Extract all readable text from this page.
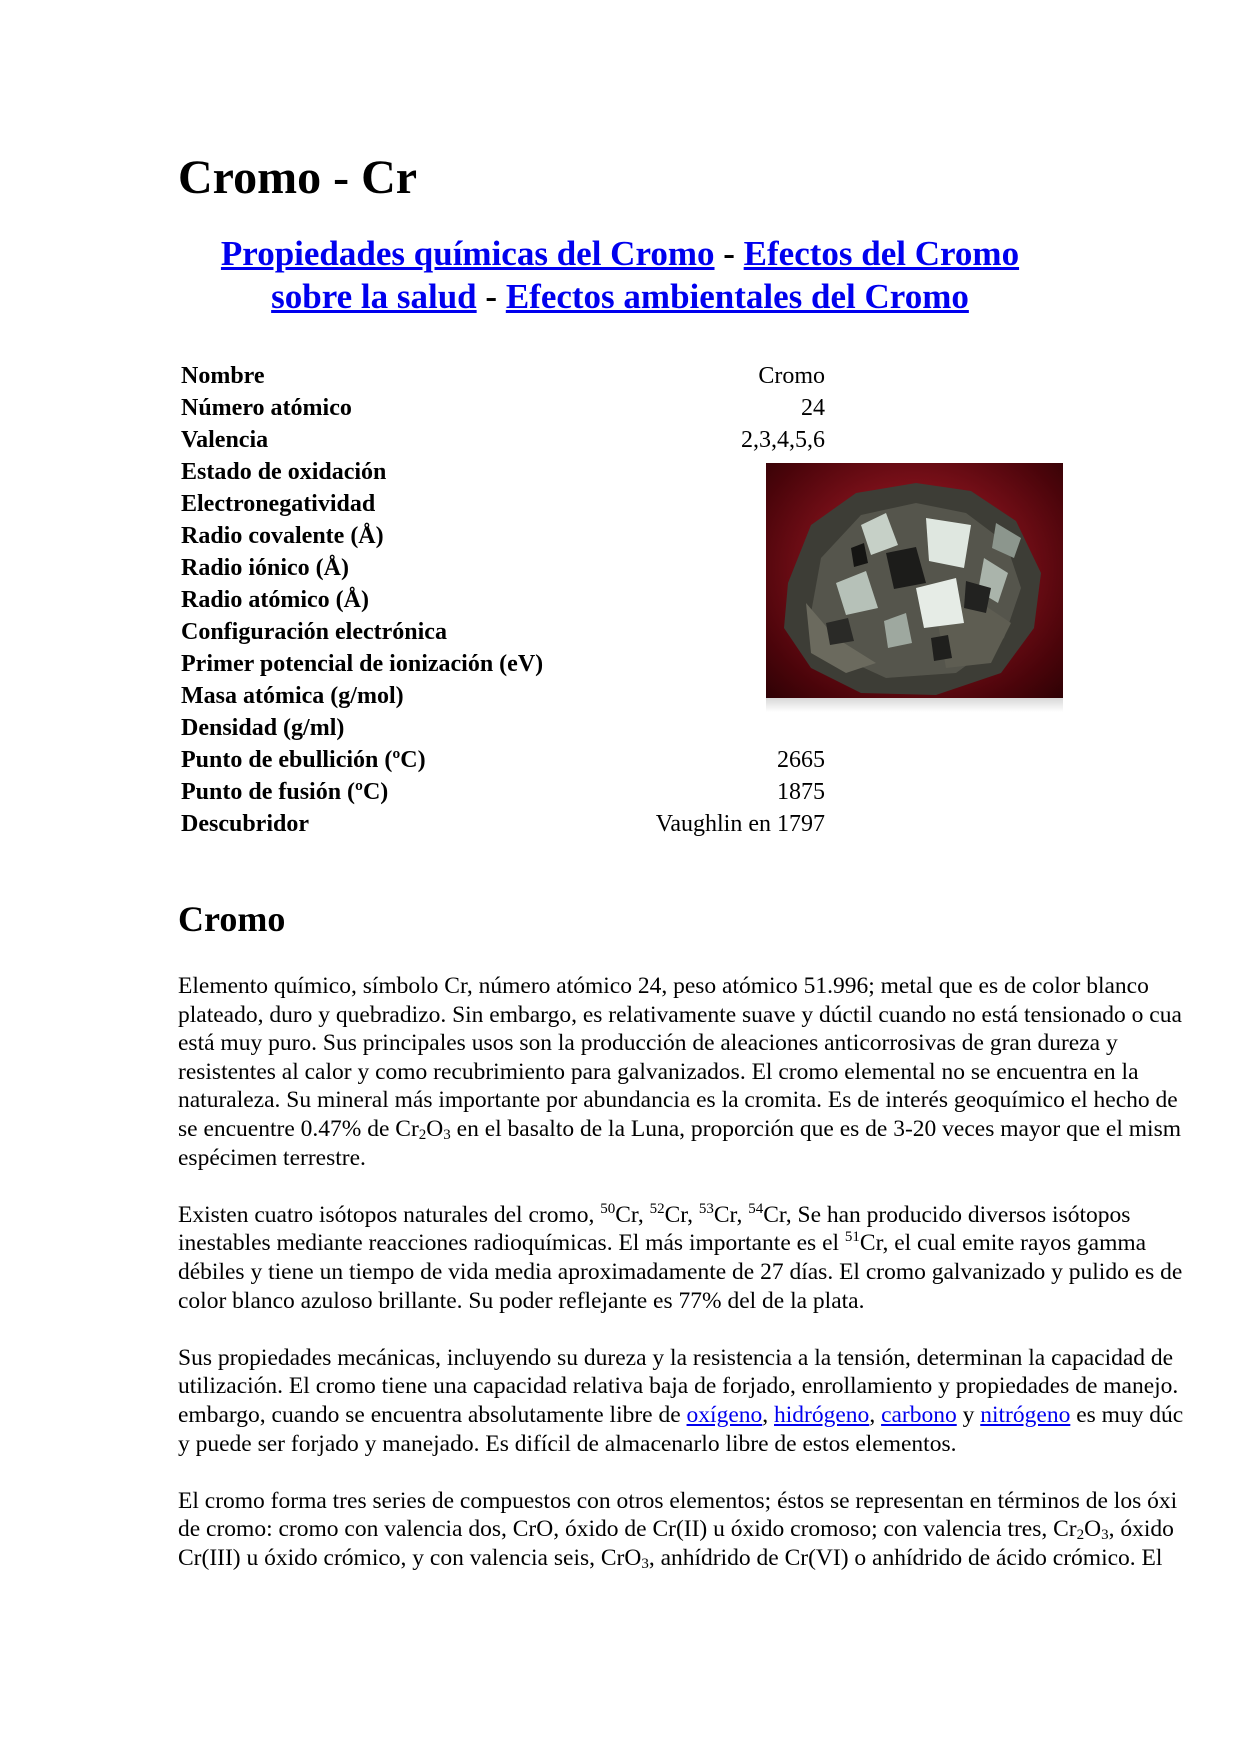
Cromo - Cr
Propiedades químicas del Cromo - Efectos del Cromo
sobre la salud - Efectos ambientales del Cromo
Nombre	Cromo
Número atómico	24
Valencia	2,3,4,5,6
Estado de oxidación
Electronegatividad
Radio covalente (Å)
Radio iónico (Å)
Radio atómico (Å)
Configuración electrónica
Primer potencial de ionización (eV)
Masa atómica (g/mol)
Densidad (g/ml)
Punto de ebullición (ºC)	2665
Punto de fusión (ºC)	1875
Descubridor	Vaughlin en 1797
Cromo

Elemento químico, símbolo Cr, número atómico 24, peso atómico 51.996; metal que es de color blanco
plateado, duro y quebradizo. Sin embargo, es relativamente suave y dúctil cuando no está tensionado o cua
está muy puro. Sus principales usos son la producción de aleaciones anticorrosivas de gran dureza y
resistentes al calor y como recubrimiento para galvanizados. El cromo elemental no se encuentra en la
naturaleza. Su mineral más importante por abundancia es la cromita. Es de interés geoquímico el hecho de
se encuentre 0.47% de $Cr_2O_3$ en el basalto de la Luna, proporción que es de 3-20 veces mayor que el mism
espécimen terrestre.

Existen cuatro isótopos naturales del cromo, $^{50}$Cr, $^{52}$Cr, $^{53}$Cr, $^{54}$Cr, Se han producido diversos isótopos
inestables mediante reacciones radioquímicas. El más importante es el $^{51}$Cr, el cual emite rayos gamma
débiles y tiene un tiempo de vida media aproximadamente de 27 días. El cromo galvanizado y pulido es de
color blanco azuloso brillante. Su poder reflejante es 77% del de la plata.

Sus propiedades mecánicas, incluyendo su dureza y la resistencia a la tensión, determinan la capacidad de
utilización. El cromo tiene una capacidad relativa baja de forjado, enrollamiento y propiedades de manejo.
embargo, cuando se encuentra absolutamente libre de oxígeno, hidrógeno, carbono y nitrógeno es muy dúc
y puede ser forjado y manejado. Es difícil de almacenarlo libre de estos elementos.

El cromo forma tres series de compuestos con otros elementos; éstos se representan en términos de los óxi
de cromo: cromo con valencia dos, CrO, óxido de Cr(II) u óxido cromoso; con valencia tres, $Cr_2O_3$, óxido
Cr(III) u óxido crómico, y con valencia seis, CrO$_3$, anhídrido de Cr(VI) o anhídrido de ácido crómico. El
